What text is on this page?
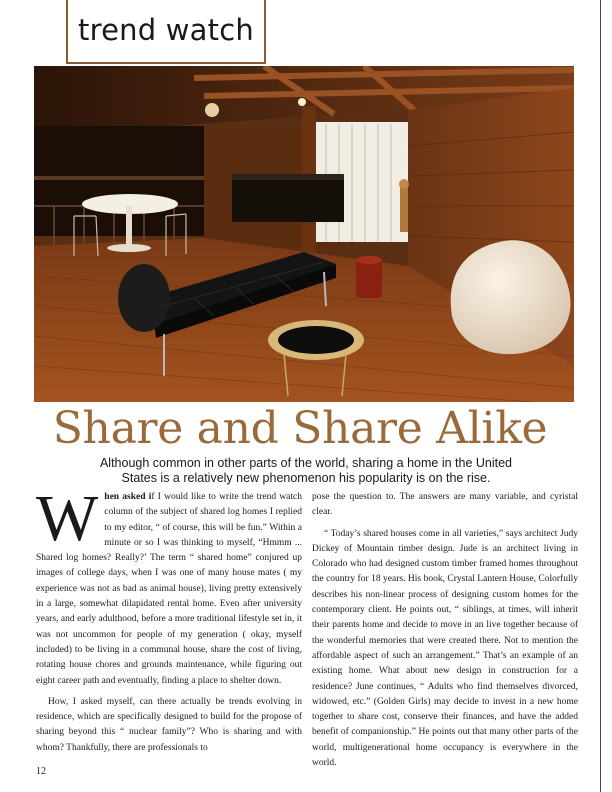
trend watch
Share and Share Alike
Although common in other parts of the world, sharing a home in the United States is a relatively new phenomenon his popularity is on the rise.

When asked if I would like to write the trend watch column of the subject of shared log homes I replied to my editor, “ of course, this will be fun.” Within a minute or so I was thinking to myself, “Hmmm ... Shared log homes? Really?’ The term “ shared home” conjured up images of college days, when I was one of many house mates ( my experience was not as bad as animal house), living pretty extensively in a large, somewhat dilapidated rental home. Even after university years, and early adulthood, before a more traditional lifestyle set in, it was not uncommon for people of my generation ( okay, myself included) to be living in a communal house, share the cost of living, rotating house chores and grounds maintenance, while figuring out eight career path and eventually, finding a place to shelter down.

How, I asked myself, can there actually be trends evolving in residence, which are specifically designed to build for the propose of sharing beyond this “ nuclear family”? Who is sharing and with whom? Thankfully, there are professionals to

pose the question to. The answers are many variable, and cyristal clear.

“ Today’s shared houses come in all varieties,” says architect Judy Dickey of Mountain timber design. Jude is an architect living in Colorado who had designed custom timber framed homes throughout the country for 18 years. His book, Crystal Lantern House, Colorfully describes his non-linear process of designing custom homes for the contemporary client. He points out, “ siblings, at times, will inherit their parents home and decide to move in an live together because of the wonderful memories that were created there. Not to mention the affordable aspect of such an arrangement.” That’s an example of an existing home. What about new design in construction for a residence? June continues, “ Adults who find themselves divorced, widowed, etc.” (Golden Girls) may decide to invest in a new home together to share cost, conserve their finances, and have the added benefit of companionship.” He points out that many other parts of the world, multigenerational home occupancy is everywhere in the world.

12
